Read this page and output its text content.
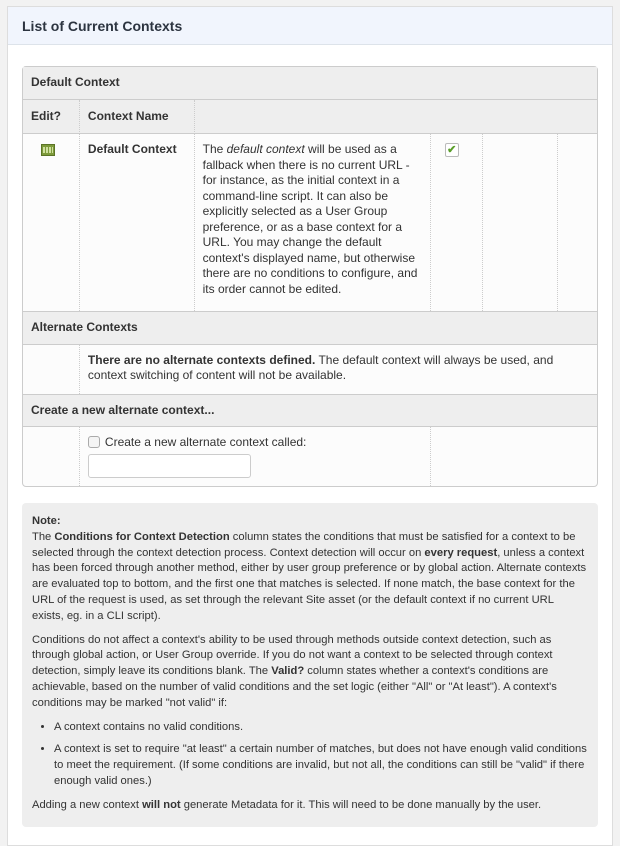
List of Current Contexts
Default Context					
Edit?	Context Name				
	Default Context	The default context will be used as a fallback when there is no current URL - for instance, as the initial context in a command-line script. It can also be explicitly selected as a User Group preference, or as a base context for a URL. You may change the default context's displayed name, but otherwise there are no conditions to configure, and its order cannot be edited.	✔		
Alternate Contexts					
	There are no alternate contexts defined. The default context will always be used, and context switching of content will not be available.				
Create a new alternate context...					
	Create a new alternate context called:			

Note:

The Conditions for Context Detection column states the conditions that must be satisfied for a context to be selected through the context detection process. Context detection will occur on every request, unless a context has been forced through another method, either by user group preference or by global action. Alternate contexts are evaluated top to bottom, and the first one that matches is selected. If none match, the base context for the URL of the request is used, as set through the relevant Site asset (or the default context if no current URL exists, eg. in a CLI script).

Conditions do not affect a context's ability to be used through methods outside context detection, such as through global action, or User Group override. If you do not want a context to be selected through context detection, simply leave its conditions blank. The Valid? column states whether a context's conditions are achievable, based on the number of valid conditions and the set logic (either "All" or "At least"). A context's conditions may be marked "not valid" if:

• A context contains no valid conditions.
• A context is set to require "at least" a certain number of matches, but does not have enough valid conditions to meet the requirement. (If some conditions are invalid, but not all, the conditions can still be "valid" if there enough valid ones.)

Adding a new context will not generate Metadata for it. This will need to be done manually by the user.
